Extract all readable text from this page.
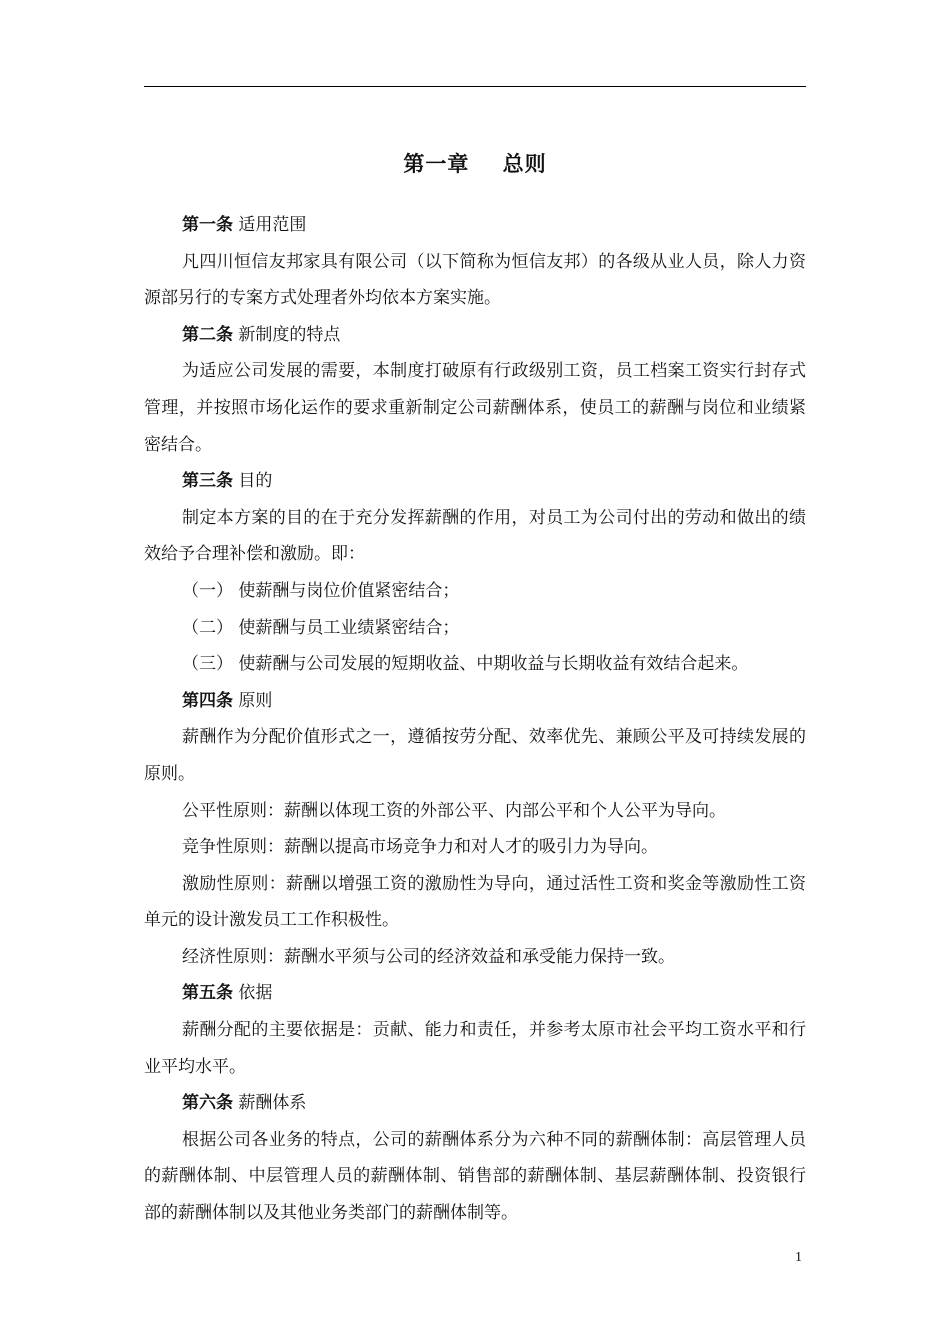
第一章    总则

第一条 适用范围

凡四川恒信友邦家具有限公司（以下简称为恒信友邦）的各级从业人员，除人力资源部另行的专案方式处理者外均依本方案实施。

第二条 新制度的特点

为适应公司发展的需要，本制度打破原有行政级别工资，员工档案工资实行封存式管理，并按照市场化运作的要求重新制定公司薪酬体系，使员工的薪酬与岗位和业绩紧密结合。

第三条 目的

制定本方案的目的在于充分发挥薪酬的作用，对员工为公司付出的劳动和做出的绩效给予合理补偿和激励。即：

（一） 使薪酬与岗位价值紧密结合；

（二） 使薪酬与员工业绩紧密结合；

（三） 使薪酬与公司发展的短期收益、中期收益与长期收益有效结合起来。

第四条 原则

薪酬作为分配价值形式之一，遵循按劳分配、效率优先、兼顾公平及可持续发展的原则。

公平性原则：薪酬以体现工资的外部公平、内部公平和个人公平为导向。

竞争性原则：薪酬以提高市场竞争力和对人才的吸引力为导向。

激励性原则：薪酬以增强工资的激励性为导向，通过活性工资和奖金等激励性工资单元的设计激发员工工作积极性。

经济性原则：薪酬水平须与公司的经济效益和承受能力保持一致。

第五条 依据

薪酬分配的主要依据是：贡献、能力和责任，并参考太原市社会平均工资水平和行业平均水平。

第六条 薪酬体系

根据公司各业务的特点，公司的薪酬体系分为六种不同的薪酬体制：高层管理人员的薪酬体制、中层管理人员的薪酬体制、销售部的薪酬体制、基层薪酬体制、投资银行部的薪酬体制以及其他业务类部门的薪酬体制等。

1
